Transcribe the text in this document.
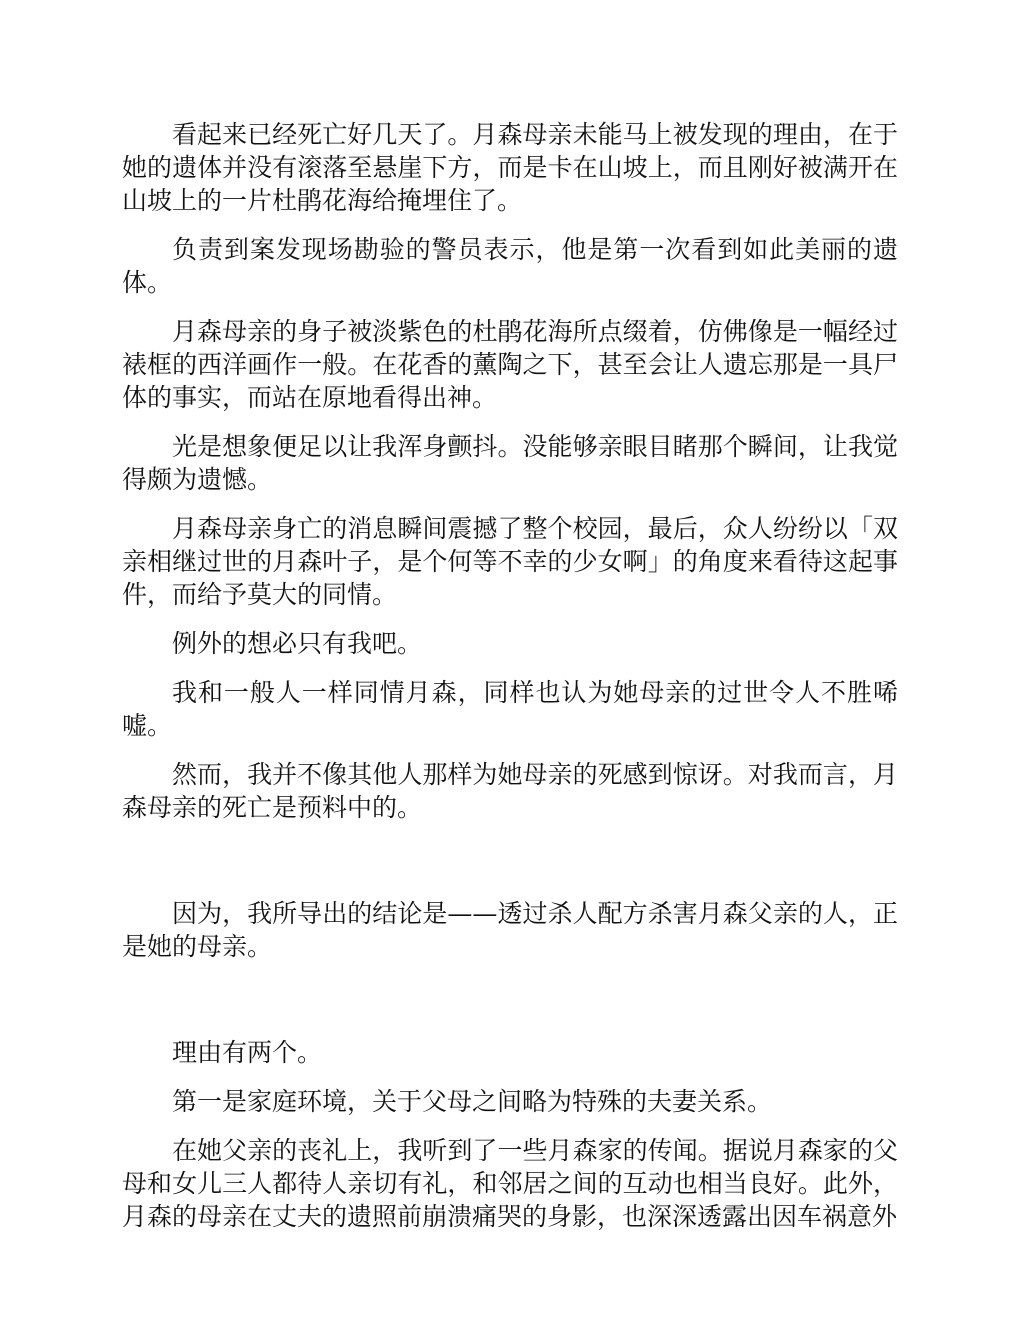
看起来已经死亡好几天了。月森母亲未能马上被发现的理由，在于她的遗体并没有滚落至悬崖下方，而是卡在山坡上，而且刚好被满开在山坡上的一片杜鹃花海给掩埋住了。

负责到案发现场勘验的警员表示，他是第一次看到如此美丽的遗体。

月森母亲的身子被淡紫色的杜鹃花海所点缀着，仿佛像是一幅经过裱框的西洋画作一般。在花香的薰陶之下，甚至会让人遗忘那是一具尸体的事实，而站在原地看得出神。

光是想象便足以让我浑身颤抖。没能够亲眼目睹那个瞬间，让我觉得颇为遗憾。

月森母亲身亡的消息瞬间震撼了整个校园，最后，众人纷纷以「双亲相继过世的月森叶子，是个何等不幸的少女啊」的角度来看待这起事件，而给予莫大的同情。

例外的想必只有我吧。

我和一般人一样同情月森，同样也认为她母亲的过世令人不胜唏嘘。

然而，我并不像其他人那样为她母亲的死感到惊讶。对我而言，月森母亲的死亡是预料中的。

因为，我所导出的结论是——透过杀人配方杀害月森父亲的人，正是她的母亲。

理由有两个。

第一是家庭环境，关于父母之间略为特殊的夫妻关系。

在她父亲的丧礼上，我听到了一些月森家的传闻。据说月森家的父母和女儿三人都待人亲切有礼，和邻居之间的互动也相当良好。此外，月森的母亲在丈夫的遗照前崩溃痛哭的身影，也深深透露出因车祸意外
